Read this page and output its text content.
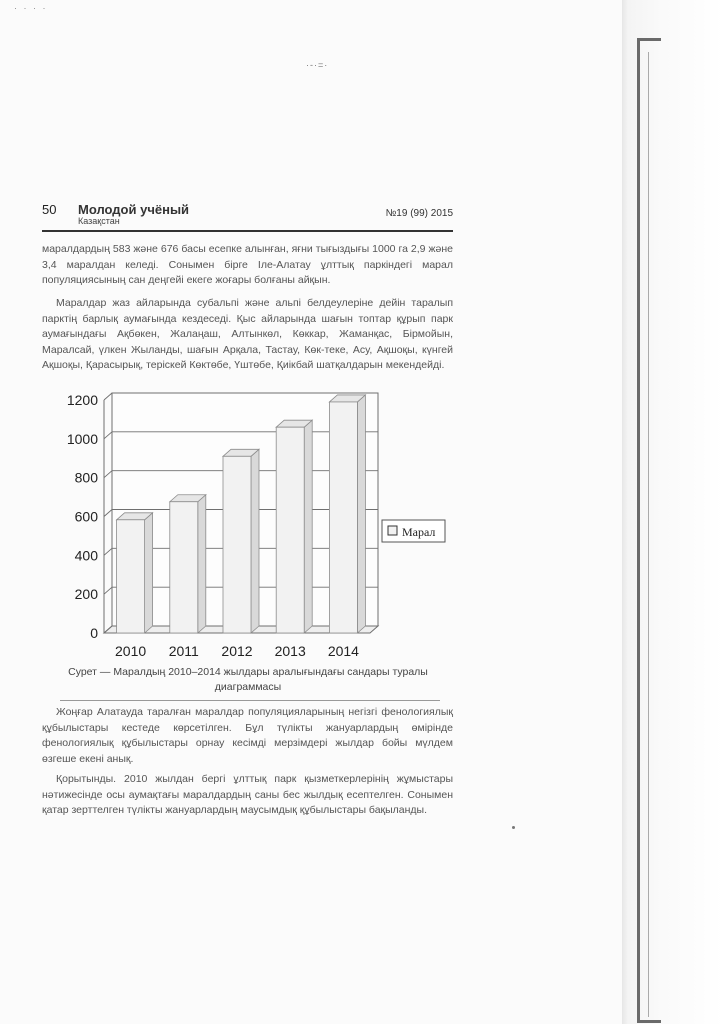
· · · ·
·-·=·
50 Молодой учёный
Казақстан
№19 (99) 2015

маралдардың 583 және 676 басы есепке алынған, яғни тығыздығы 1000 га 2,9 және 3,4 маралдан келеді. Сонымен бірге Іле-Алатау ұлттық паркіндегі марал популяциясының сан деңгейі екеге жоғары болғаны айқын.

Маралдар жаз айларында субальпі және альпі белдеулеріне дейін таралып парктің барлық аумағында кездеседі. Қыс айларында шағын топтар құрып парк аумағындағы Ақбөкен, Жалаңаш, Алтынкөл, Көккар, Жаманқас, Бірмойын, Маралсай, үлкен Жыланды, шағын Арқала, Тастау, Көк-теке, Асу, Ақшоқы, күнгей Ақшоқы, Қарасырық, теріскей Көктөбе, Үштөбе, Қиікбай шатқалдарын мекендейді.

0
200
400
600
800
1000
1200
2010 2011 2012 2013 2014
Марал
Сурет — Маралдың 2010–2014 жылдары аралығындағы сандары туралы
диаграммасы

Жоңғар Алатауда таралған маралдар популяцияларының негізгі фенологиялық құбылыстары кестеде көрсетілген. Бұл түлікты жануарлардың өмірінде фенологиялық құбылыстары орнау кесімді мерзімдері жылдар бойы мүлдем өзгеше екені анық.

Қорытынды. 2010 жылдан бергі ұлттық парк қызметкерлерінің жұмыстары нәтижесінде осы аумақтағы маралдардың саны бес жылдық есептелген. Сонымен қатар зерттелген түлікты жануарлардың маусымдық құбылыстары бақыланды.
